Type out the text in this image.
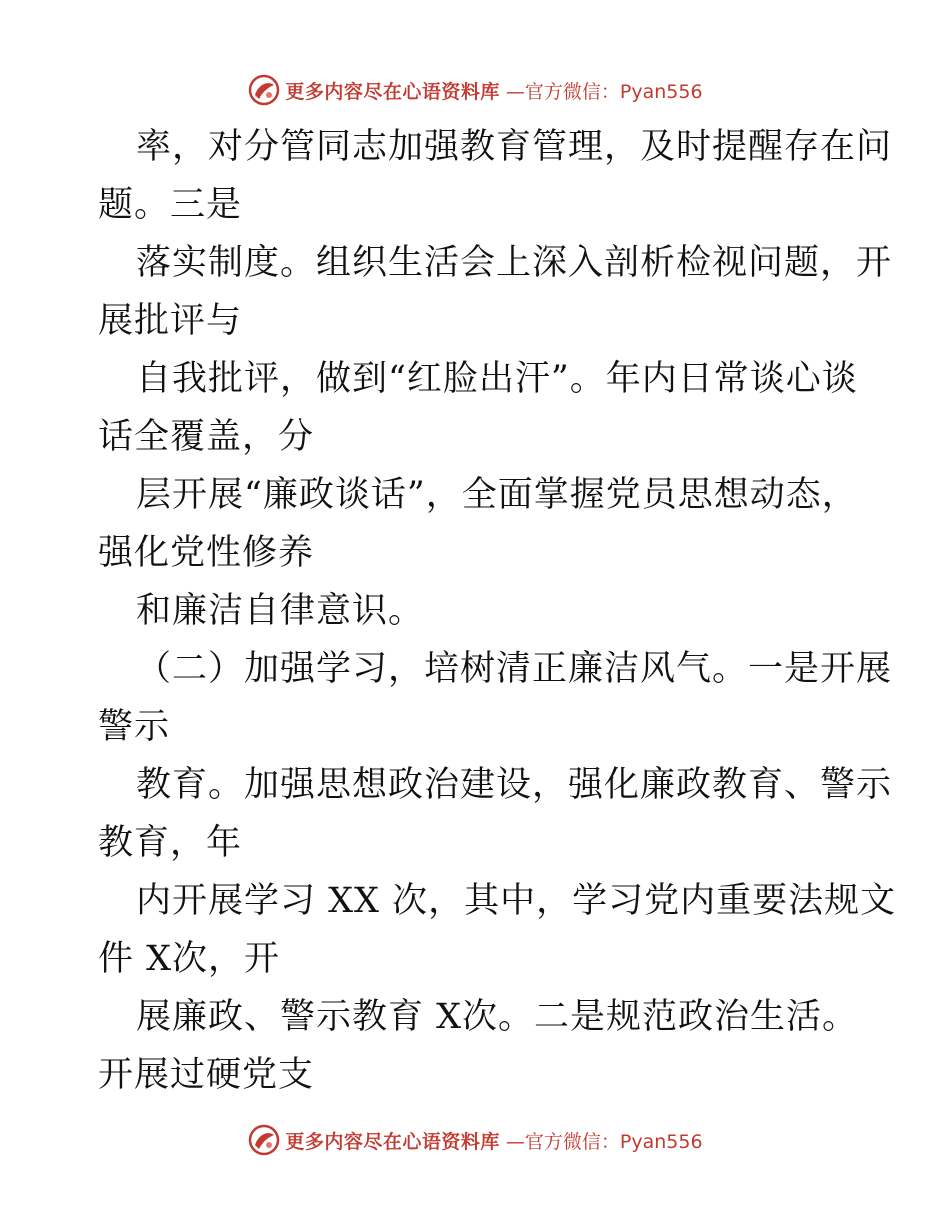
更多内容尽在心语资料库 —官方微信：Pyan556
率，对分管同志加强教育管理，及时提醒存在问
题。三是
落实制度。组织生活会上深入剖析检视问题，开
展批评与
自我批评，做到“红脸出汗”。年内日常谈心谈
话全覆盖，分
层开展“廉政谈话”，全面掌握党员思想动态，
强化党性修养
和廉洁自律意识。
（二）加强学习，培树清正廉洁风气。一是开展
警示
教育。加强思想政治建设，强化廉政教育、警示
教育，年
内开展学习 XX 次，其中，学习党内重要法规文
件 X次，开
展廉政、警示教育 X次。二是规范政治生活。
开展过硬党支
更多内容尽在心语资料库 —官方微信：Pyan556
